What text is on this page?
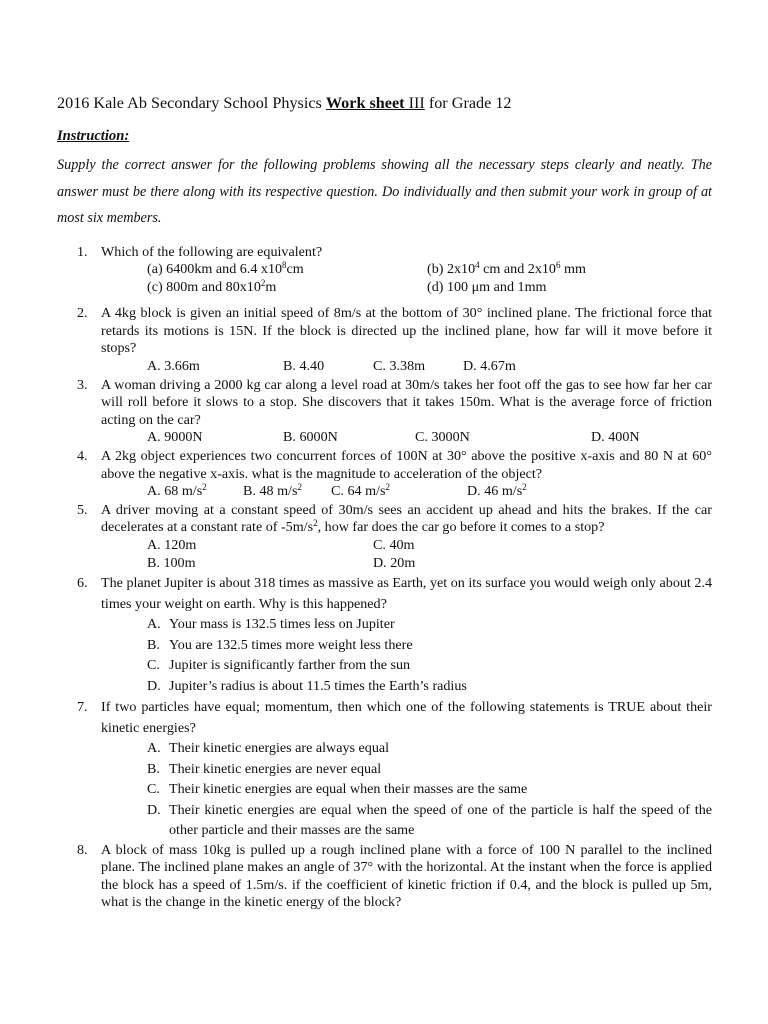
2016 Kale Ab Secondary School Physics Work sheet III for Grade 12
Instruction:
Supply the correct answer for the following problems showing all the necessary steps clearly and neatly. The answer must be there along with its respective question. Do individually and then submit your work in group of at most six members.
1. Which of the following are equivalent?
(a) 6400km and 6.4 $x10^8cm$	(b) $2x10^4$ cm and $2x10^6$ mm
(c) 800m and $80x10^2m$	(d) 100 μm and 1mm
2. A 4kg block is given an initial speed of 8m/s at the bottom of 30° inclined plane. The frictional force that retards its motions is 15N. If the block is directed up the inclined plane, how far will it move before it stops?
A. 3.66m	B. 4.40	C. 3.38m	D. 4.67m
3. A woman driving a 2000 kg car along a level road at 30m/s takes her foot off the gas to see how far her car will roll before it slows to a stop. She discovers that it takes 150m. What is the average force of friction acting on the car?
A. 9000N	B. 6000N	C. 3000N	D. 400N
4. A 2kg object experiences two concurrent forces of 100N at 30° above the positive x-axis and 80 N at 60° above the negative x-axis. what is the magnitude to acceleration of the object?
A. 68 $m/s^2$	B. 48 $m/s^2$	C. 64 $m/s^2$	D. 46 $m/s^2$
5. A driver moving at a constant speed of 30m/s sees an accident up ahead and hits the brakes. If the car decelerates at a constant rate of $-5m/s^2$, how far does the car go before it comes to a stop?
A. 120m	C. 40m
B. 100m	D. 20m
6. The planet Jupiter is about 318 times as massive as Earth, yet on its surface you would weigh only about 2.4 times your weight on earth. Why is this happened?
A. Your mass is 132.5 times less on Jupiter
B. You are 132.5 times more weight less there
C. Jupiter is significantly farther from the sun
D. Jupiter’s radius is about 11.5 times the Earth’s radius
7. If two particles have equal; momentum, then which one of the following statements is TRUE about their kinetic energies?
A. Their kinetic energies are always equal
B. Their kinetic energies are never equal
C. Their kinetic energies are equal when their masses are the same
D. Their kinetic energies are equal when the speed of one of the particle is half the speed of the other particle and their masses are the same
8. A block of mass 10kg is pulled up a rough inclined plane with a force of 100 N parallel to the inclined plane. The inclined plane makes an angle of 37° with the horizontal. At the instant when the force is applied the block has a speed of 1.5m/s. if the coefficient of kinetic friction if 0.4, and the block is pulled up 5m, what is the change in the kinetic energy of the block?
